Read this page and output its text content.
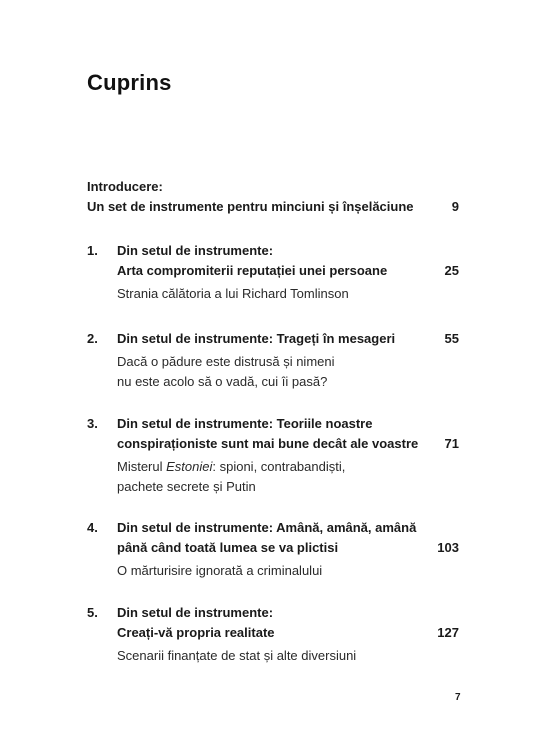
Cuprins
Introducere:
Un set de instrumente pentru minciuni și înșelăciune	9
1. Din setul de instrumente:
Arta compromiterii reputației unei persoane	25
Strania călătoria a lui Richard Tomlinson
2. Din setul de instrumente: Trageți în mesageri	55
Dacă o pădure este distrusă și nimeni
nu este acolo să o vadă, cui îi pasă?
3. Din setul de instrumente: Teoriile noastre
conspiraționiste sunt mai bune decât ale voastre 71
Misterul Estoniei: spioni, contrabandiști,
pachete secrete și Putin
4. Din setul de instrumente: Amână, amână, amână
până când toată lumea se va plictisi	103
O mărturisire ignorată a criminalului
5. Din setul de instrumente:
Creați-vă propria realitate	127
Scenarii finanțate de stat și alte diversiuni
7
